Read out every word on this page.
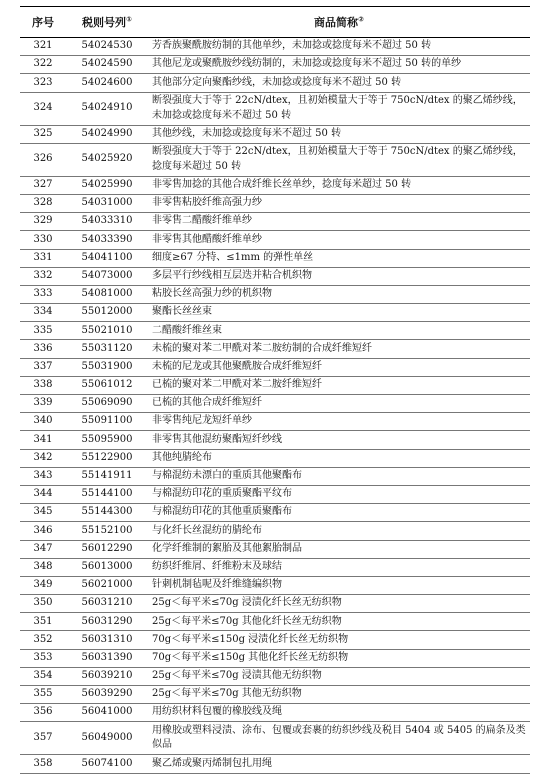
序号	税则号列①	商品简称②
321	54024530	芳香族聚酰胺纺制的其他单纱，未加捻或捻度每米不超过 50 转
322	54024590	其他尼龙或聚酰胺纱线纺制的，未加捻或捻度每米不超过 50 转的单纱
323	54024600	其他部分定向聚酯纱线，未加捻或捻度每米不超过 50 转
324	54024910	断裂强度大于等于 22cN/dtex，且初始模量大于等于 750cN/dtex 的聚乙烯纱线，未加捻或捻度每米不超过 50 转
325	54024990	其他纱线，未加捻或捻度每米不超过 50 转
326	54025920	断裂强度大于等于 22cN/dtex，且初始模量大于等于 750cN/dtex 的聚乙烯纱线，捻度每米超过 50 转
327	54025990	非零售加捻的其他合成纤维长丝单纱，捻度每米超过 50 转
328	54031000	非零售粘胶纤维高强力纱
329	54033310	非零售二醋酸纤维单纱
330	54033390	非零售其他醋酸纤维单纱
331	54041100	细度≥67 分特、≤1mm 的弹性单丝
332	54073000	多层平行纱线相互层迭并粘合机织物
333	54081000	粘胶长丝高强力纱的机织物
334	55012000	聚酯长丝丝束
335	55021010	二醋酸纤维丝束
336	55031120	未梳的聚对苯二甲酰对苯二胺纺制的合成纤维短纤
337	55031900	未梳的尼龙或其他聚酰胺合成纤维短纤
338	55061012	已梳的聚对苯二甲酰对苯二胺纤维短纤
339	55069090	已梳的其他合成纤维短纤
340	55091100	非零售纯尼龙短纤单纱
341	55095900	非零售其他混纺聚酯短纤纱线
342	55122900	其他纯腈纶布
343	55141911	与棉混纺未漂白的重质其他聚酯布
344	55144100	与棉混纺印花的重质聚酯平纹布
345	55144300	与棉混纺印花的其他重质聚酯布
346	55152100	与化纤长丝混纺的腈纶布
347	56012290	化学纤维制的絮胎及其他絮胎制品
348	56013000	纺织纤维屑、纤维粉末及球结
349	56021000	针刺机制毡呢及纤维缝编织物
350	56031210	25g＜每平米≤70g 浸渍化纤长丝无纺织物
351	56031290	25g＜每平米≤70g 其他化纤长丝无纺织物
352	56031310	70g＜每平米≤150g 浸渍化纤长丝无纺织物
353	56031390	70g＜每平米≤150g 其他化纤长丝无纺织物
354	56039210	25g＜每平米≤70g 浸渍其他无纺织物
355	56039290	25g＜每平米≤70g 其他无纺织物
356	56041000	用纺织材料包覆的橡胶线及绳
357	56049000	用橡胶或塑料浸渍、涂布、包覆或套裹的纺织纱线及税目 5404 或 5405 的扁条及类似品
358	56074100	聚乙烯或聚丙烯制包扎用绳
